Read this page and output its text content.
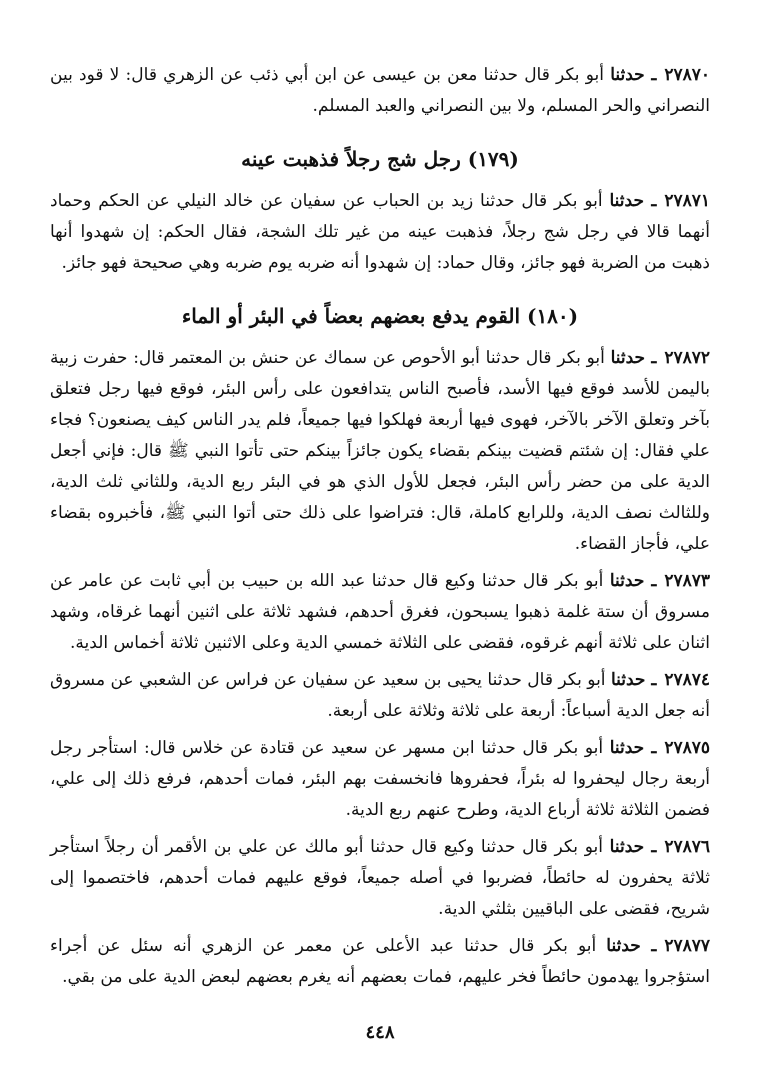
٢٧٨٧٠ـ حدثنا أبو بكر قال حدثنا معن بن عيسى عن ابن أبي ذئب عن الزهري قال: لا قود بين النصراني والحر المسلم، ولا بين النصراني والعبد المسلم.

(١٧٩) رجل شج رجلاً فذهبت عينه

٢٧٨٧١ـ حدثنا أبو بكر قال حدثنا زيد بن الحباب عن سفيان عن خالد النيلي عن الحكم وحماد أنهما قالا في رجل شج رجلاً، فذهبت عينه من غير تلك الشجة، فقال الحكم: إن شهدوا أنها ذهبت من الضربة فهو جائز، وقال حماد: إن شهدوا أنه ضربه يوم ضربه وهي صحيحة فهو جائز.

(١٨٠) القوم يدفع بعضهم بعضاً في البئر أو الماء

٢٧٨٧٢ـ حدثنا أبو بكر قال حدثنا أبو الأحوص عن سماك عن حنش بن المعتمر قال: حفرت زبية باليمن للأسد فوقع فيها الأسد، فأصبح الناس يتدافعون على رأس البئر، فوقع فيها رجل فتعلق بآخر وتعلق الآخر بالآخر، فهوى فيها أربعة فهلكوا فيها جميعاً، فلم يدر الناس كيف يصنعون؟ فجاء علي فقال: إن شئتم قضيت بينكم بقضاء يكون جائزاً بينكم حتى تأتوا النبي ﷺ قال: فإني أجعل الدية على من حضر رأس البئر، فجعل للأول الذي هو في البئر ربع الدية، وللثاني ثلث الدية، وللثالث نصف الدية، وللرابع كاملة، قال: فتراضوا على ذلك حتى أتوا النبي ﷺ، فأخبروه بقضاء علي، فأجاز القضاء.

٢٧٨٧٣ـ حدثنا أبو بكر قال حدثنا وكيع قال حدثنا عبد الله بن حبيب بن أبي ثابت عن عامر عن مسروق أن ستة غلمة ذهبوا يسبحون، فغرق أحدهم، فشهد ثلاثة على اثنين أنهما غرقاه، وشهد اثنان على ثلاثة أنهم غرقوه، فقضى على الثلاثة خمسي الدية وعلى الاثنين ثلاثة أخماس الدية.

٢٧٨٧٤ـ حدثنا أبو بكر قال حدثنا يحيى بن سعيد عن سفيان عن فراس عن الشعبي عن مسروق أنه جعل الدية أسباعاً: أربعة على ثلاثة وثلاثة على أربعة.

٢٧٨٧٥ـ حدثنا أبو بكر قال حدثنا ابن مسهر عن سعيد عن قتادة عن خلاس قال: استأجر رجل أربعة رجال ليحفروا له بئراً، فحفروها فانخسفت بهم البئر، فمات أحدهم، فرفع ذلك إلى علي، فضمن الثلاثة ثلاثة أرباع الدية، وطرح عنهم ربع الدية.

٢٧٨٧٦ـ حدثنا أبو بكر قال حدثنا وكيع قال حدثنا أبو مالك عن علي بن الأقمر أن رجلاً استأجر ثلاثة يحفرون له حائطاً، فضربوا في أصله جميعاً، فوقع عليهم فمات أحدهم، فاختصموا إلى شريح، فقضى على الباقيين بثلثي الدية.

٢٧٨٧٧ـ حدثنا أبو بكر قال حدثنا عبد الأعلى عن معمر عن الزهري أنه سئل عن أجراء استؤجروا يهدمون حائطاً فخر عليهم، فمات بعضهم أنه يغرم بعضهم لبعض الدية على من بقي.

٤٤٨
